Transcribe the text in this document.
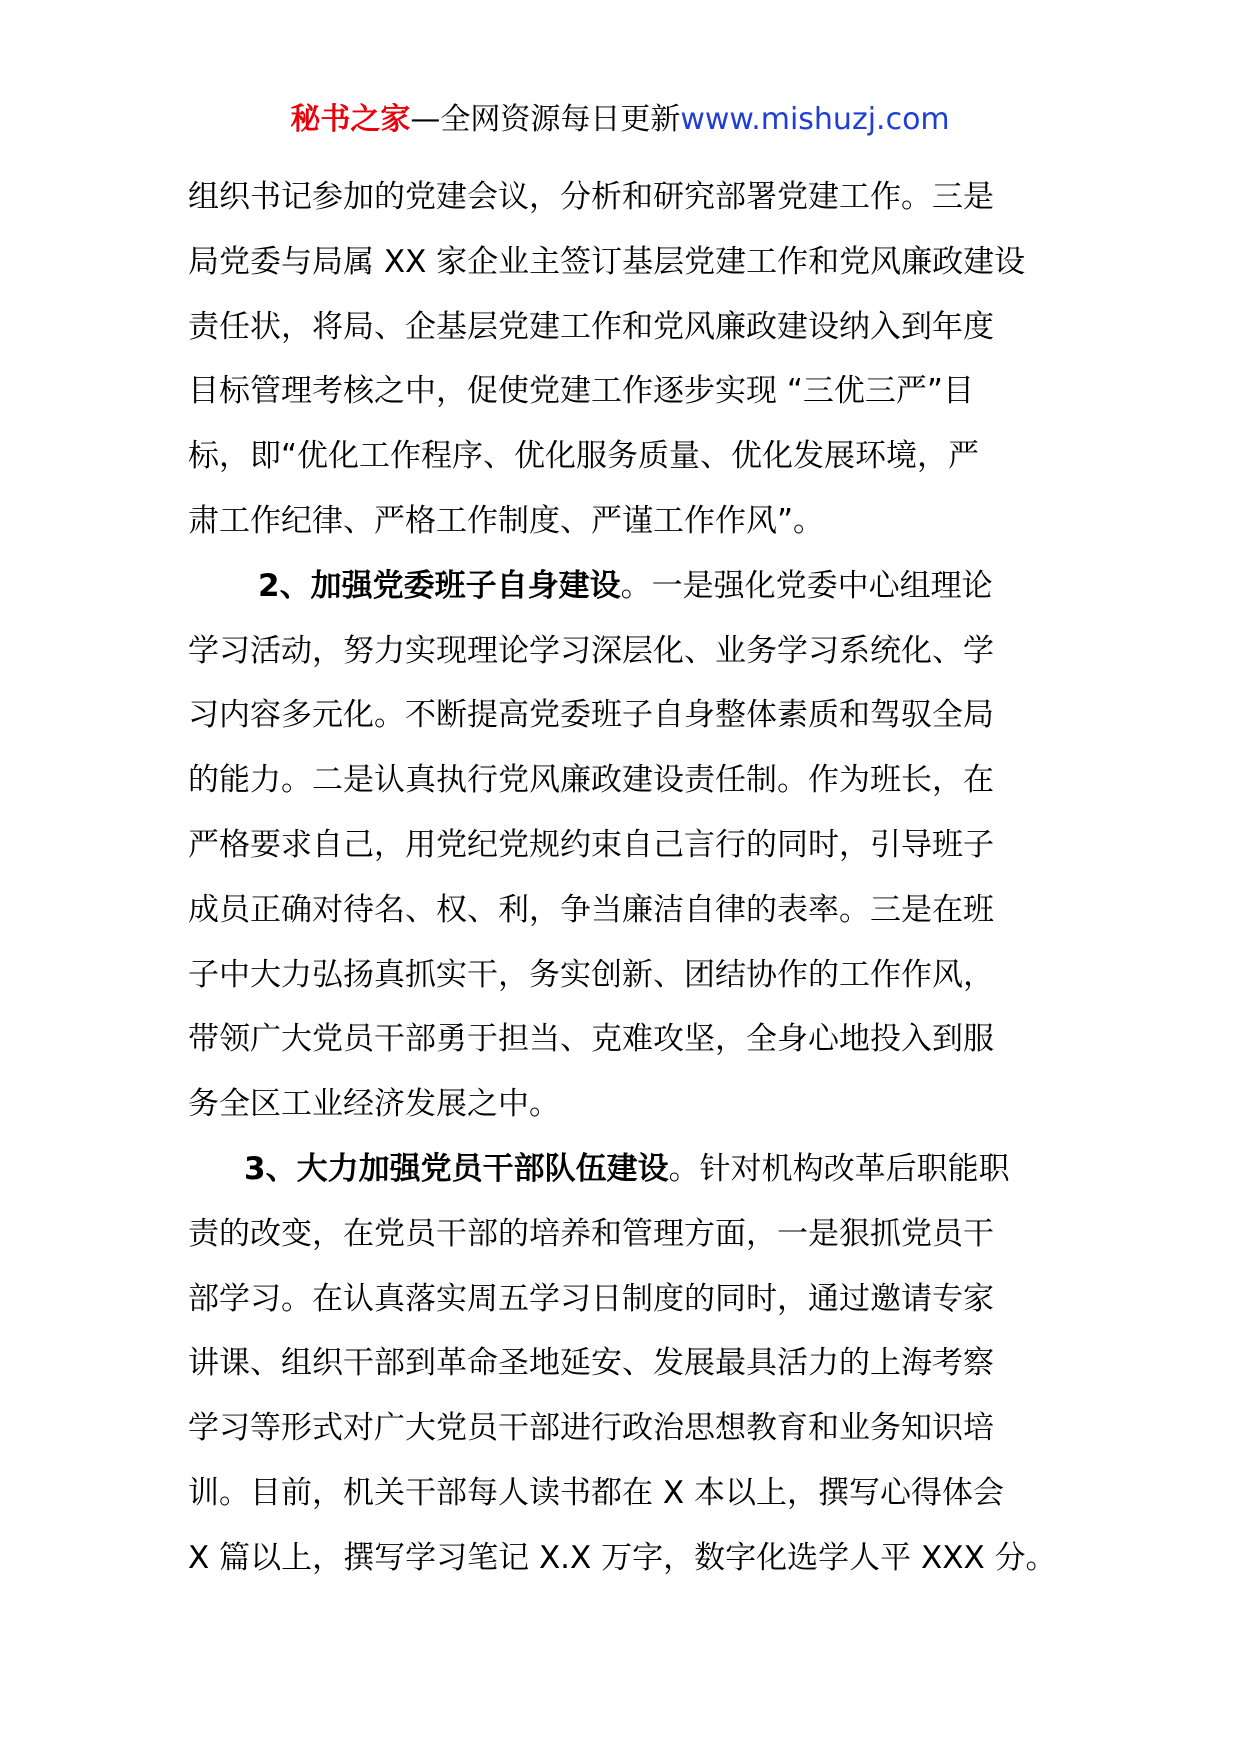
秘书之家—全网资源每日更新www.mishuzj.com
组织书记参加的党建会议，分析和研究部署党建工作。三是
局党委与局属 XX 家企业主签订基层党建工作和党风廉政建设
责任状，将局、企基层党建工作和党风廉政建设纳入到年度
目标管理考核之中，促使党建工作逐步实现 “三优三严”目
标，即“优化工作程序、优化服务质量、优化发展环境，严
肃工作纪律、严格工作制度、严谨工作作风”。
2、加强党委班子自身建设。一是强化党委中心组理论
学习活动，努力实现理论学习深层化、业务学习系统化、学
习内容多元化。不断提高党委班子自身整体素质和驾驭全局
的能力。二是认真执行党风廉政建设责任制。作为班长，在
严格要求自己，用党纪党规约束自己言行的同时，引导班子
成员正确对待名、权、利，争当廉洁自律的表率。三是在班
子中大力弘扬真抓实干，务实创新、团结协作的工作作风，
带领广大党员干部勇于担当、克难攻坚，全身心地投入到服
务全区工业经济发展之中。
3、大力加强党员干部队伍建设。针对机构改革后职能职
责的改变，在党员干部的培养和管理方面，一是狠抓党员干
部学习。在认真落实周五学习日制度的同时，通过邀请专家
讲课、组织干部到革命圣地延安、发展最具活力的上海考察
学习等形式对广大党员干部进行政治思想教育和业务知识培
训。目前，机关干部每人读书都在 X 本以上，撰写心得体会
X 篇以上，撰写学习笔记 X.X 万字，数字化选学人平 XXX 分。
